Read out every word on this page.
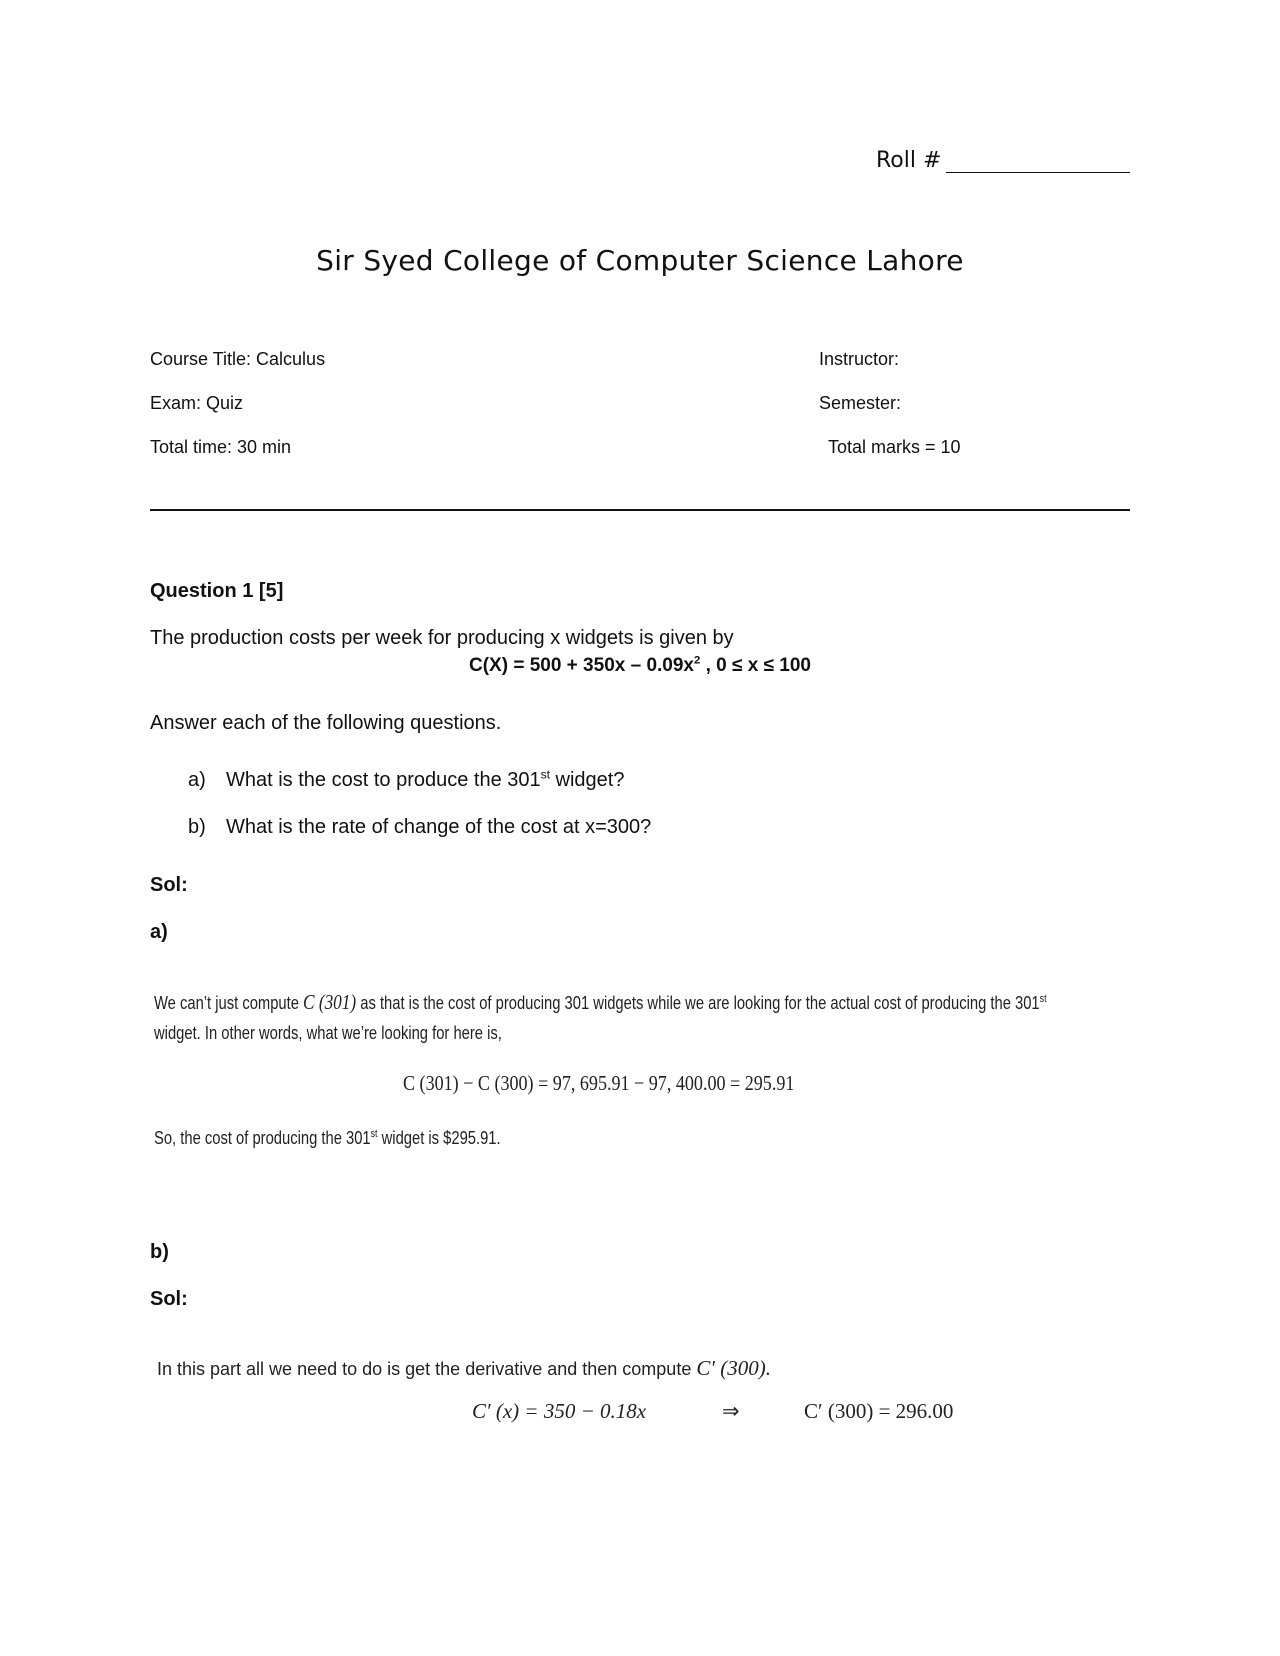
Roll #
Sir Syed College of Computer Science Lahore
Course Title: Calculus
Exam: Quiz
Total time: 30 min
Instructor:
Semester:
Total marks = 10
Question 1 [5]
The production costs per week for producing x widgets is given by
$C(X) = 500 + 350x - 0.09x^2$ , 0 ≤ x ≤ 100
Answer each of the following questions.
a) What is the cost to produce the 301st widget?
b) What is the rate of change of the cost at x=300?
Sol:
a)
We can’t just compute C (301) as that is the cost of producing 301 widgets while we are looking for the actual cost of producing the 301st
widget. In other words, what we’re looking for here is,
C (301) − C (300) = 97, 695.91 − 97, 400.00 = 295.91
So, the cost of producing the 301st widget is $295.91.
b)
Sol:
In this part all we need to do is get the derivative and then compute C′ (300).
C′ (x) = 350 − 0.18x	⇒	C′ (300) = 296.00
